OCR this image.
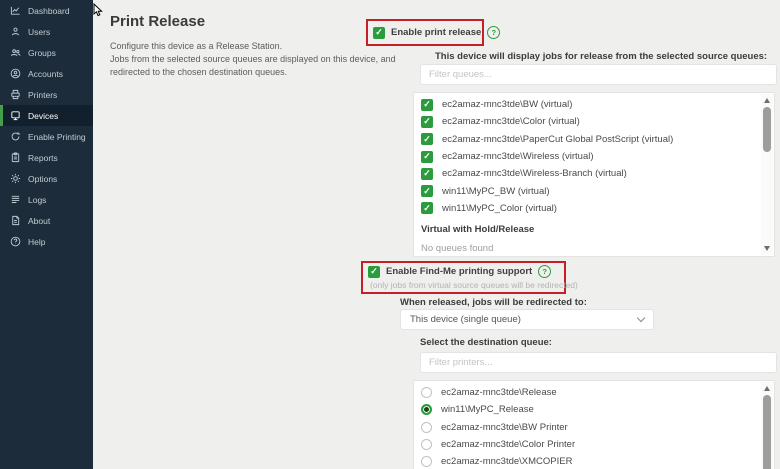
Dashboard
Users
Groups
Accounts
Printers
Devices
Enable Printing
Reports
Options
Logs
About
Help
Print Release
Configure this device as a Release Station.
Jobs from the selected source queues are displayed on this device, and
redirected to the chosen destination queues.
✓
Enable print release
?
This device will display jobs for release from the selected source queues:
Filter queues...
✓
ec2amaz-mnc3tde\BW (virtual)
✓
ec2amaz-mnc3tde\Color (virtual)
✓
ec2amaz-mnc3tde\PaperCut Global PostScript (virtual)
✓
ec2amaz-mnc3tde\Wireless (virtual)
✓
ec2amaz-mnc3tde\Wireless-Branch (virtual)
✓
win11\MyPC_BW (virtual)
✓
win11\MyPC_Color (virtual)
Virtual with Hold/Release
No queues found
✓
Enable Find-Me printing support
?
(only jobs from virtual source queues will be redirected)
When released, jobs will be redirected to:
This device (single queue)
Select the destination queue:
Filter printers...
ec2amaz-mnc3tde\Release
win11\MyPC_Release
ec2amaz-mnc3tde\BW Printer
ec2amaz-mnc3tde\Color Printer
ec2amaz-mnc3tde\XMCOPIER
